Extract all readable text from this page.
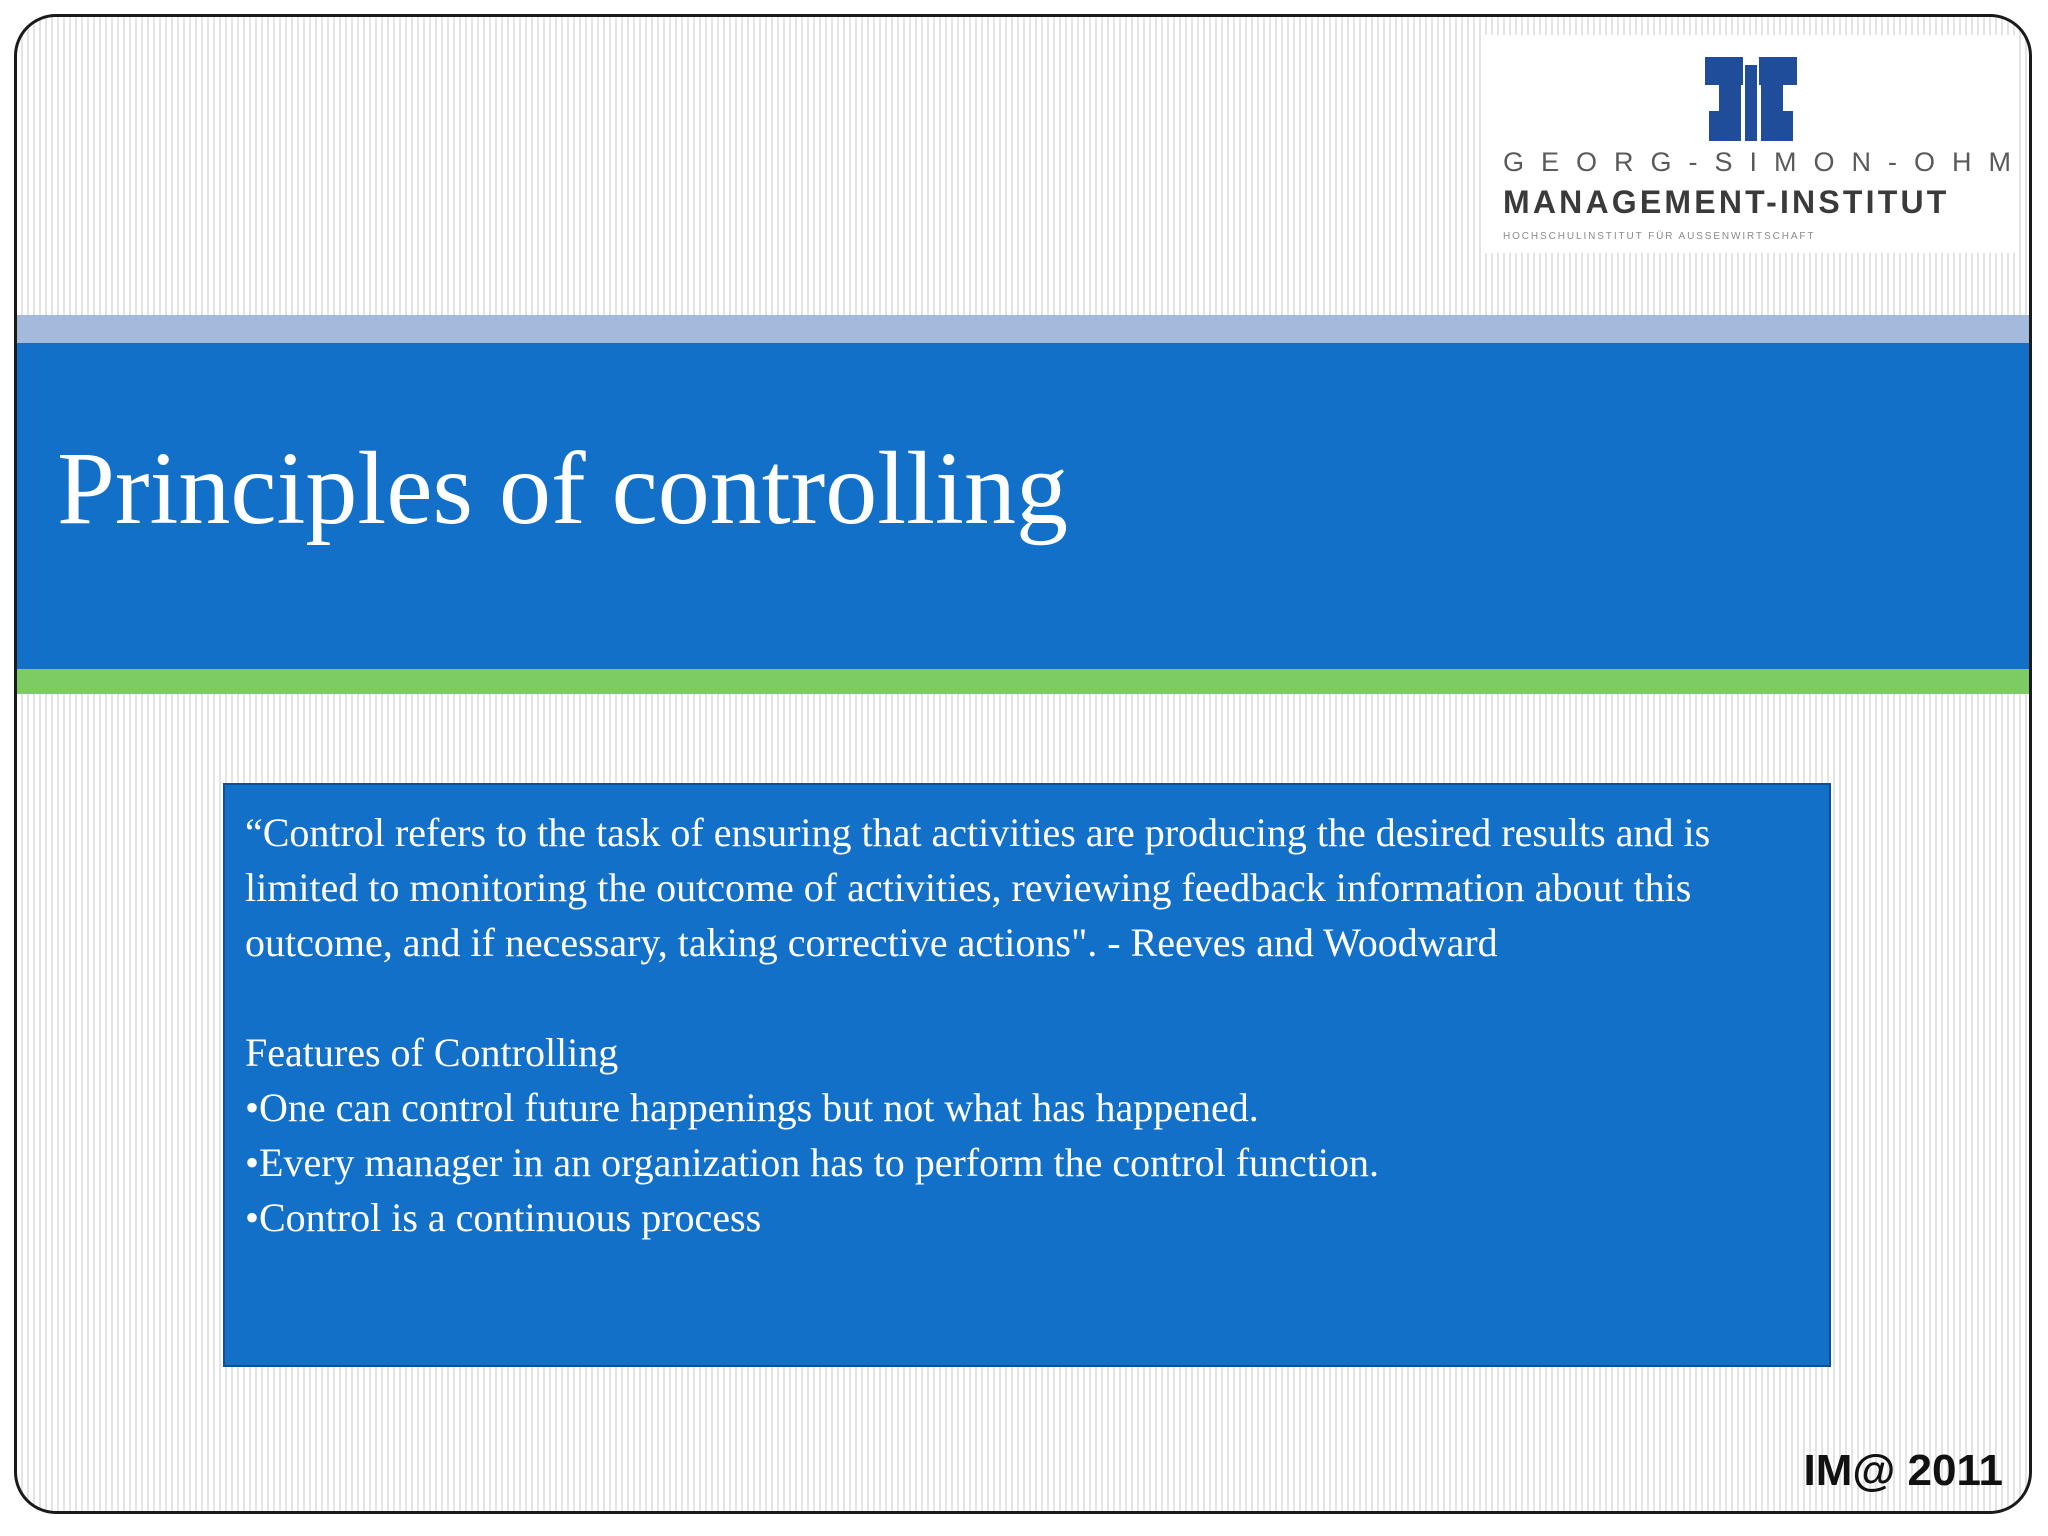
GEORG-SIMON-OHM
MANAGEMENT-INSTITUT
HOCHSCHULINSTITUT FÜR AUSSENWIRTSCHAFT
Principles of controlling

“Control refers to the task of ensuring that activities are producing the desired results and is limited to monitoring the outcome of activities, reviewing feedback information about this outcome, and if necessary, taking corrective actions". - Reeves and Woodward

Features of Controlling

•One can control future happenings but not what has happened.

•Every manager in an organization has to perform the control function.

•Control is a continuous process

IM@ 2011
